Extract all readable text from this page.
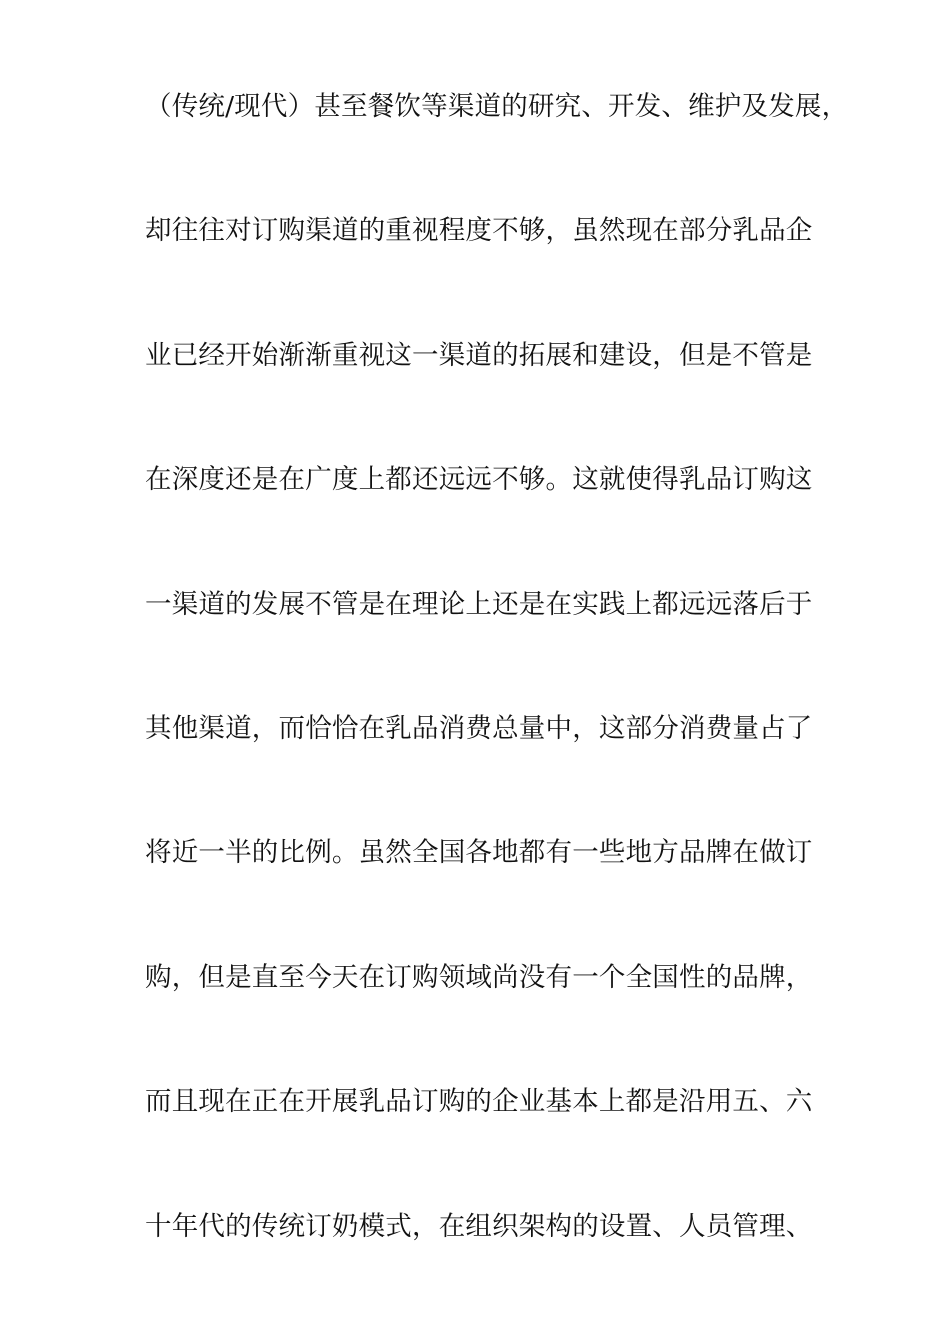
（传统/现代）甚至餐饮等渠道的研究、开发、维护及发展，
却往往对订购渠道的重视程度不够，虽然现在部分乳品企
业已经开始渐渐重视这一渠道的拓展和建设，但是不管是
在深度还是在广度上都还远远不够。这就使得乳品订购这
一渠道的发展不管是在理论上还是在实践上都远远落后于
其他渠道，而恰恰在乳品消费总量中，这部分消费量占了
将近一半的比例。虽然全国各地都有一些地方品牌在做订
购，但是直至今天在订购领域尚没有一个全国性的品牌，
而且现在正在开展乳品订购的企业基本上都是沿用五、六
十年代的传统订奶模式，在组织架构的设置、人员管理、
